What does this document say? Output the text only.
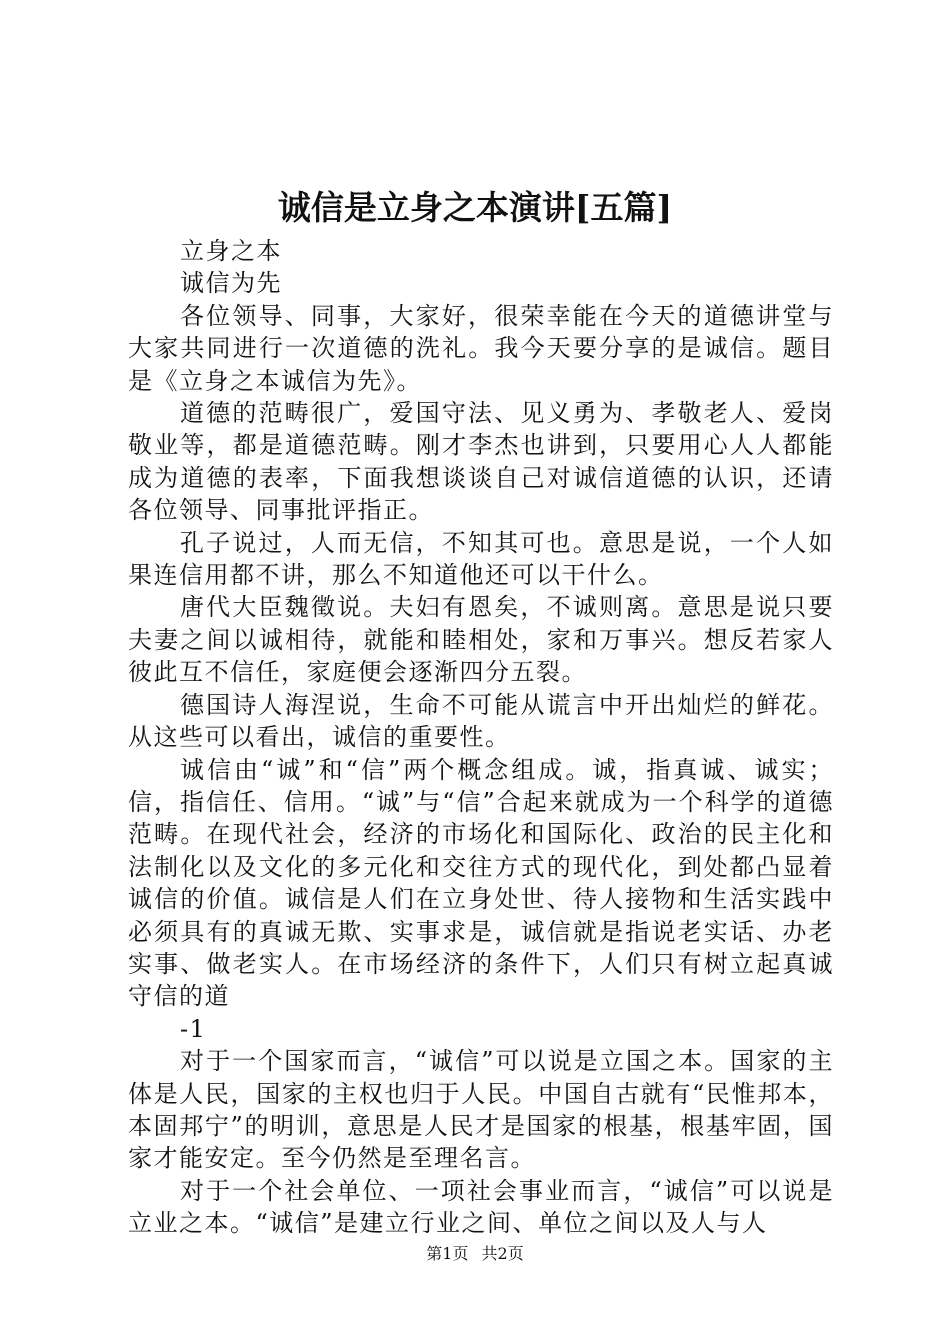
诚信是立身之本演讲[五篇]

立身之本

诚信为先

各位领导、同事，大家好，很荣幸能在今天的道德讲堂与大家共同进行一次道德的洗礼。我今天要分享的是诚信。题目是《立身之本诚信为先》。

道德的范畴很广，爱国守法、见义勇为、孝敬老人、爱岗敬业等，都是道德范畴。刚才李杰也讲到，只要用心人人都能成为道德的表率，下面我想谈谈自己对诚信道德的认识，还请各位领导、同事批评指正。

孔子说过，人而无信，不知其可也。意思是说，一个人如果连信用都不讲，那么不知道他还可以干什么。

唐代大臣魏徵说。夫妇有恩矣，不诚则离。意思是说只要夫妻之间以诚相待，就能和睦相处，家和万事兴。想反若家人彼此互不信任，家庭便会逐渐四分五裂。

德国诗人海涅说，生命不可能从谎言中开出灿烂的鲜花。从这些可以看出，诚信的重要性。

诚信由“诚”和“信”两个概念组成。诚，指真诚、诚实；信，指信任、信用。“诚”与“信”合起来就成为一个科学的道德范畴。在现代社会，经济的市场化和国际化、政治的民主化和法制化以及文化的多元化和交往方式的现代化，到处都凸显着诚信的价值。诚信是人们在立身处世、待人接物和生活实践中必须具有的真诚无欺、实事求是，诚信就是指说老实话、办老实事、做老实人。在市场经济的条件下，人们只有树立起真诚守信的道

-1

对于一个国家而言，“诚信”可以说是立国之本。国家的主体是人民，国家的主权也归于人民。中国自古就有“民惟邦本，本固邦宁”的明训，意思是人民才是国家的根基，根基牢固，国家才能安定。至今仍然是至理名言。

对于一个社会单位、一项社会事业而言，“诚信”可以说是立业之本。“诚信”是建立行业之间、单位之间以及人与人

第1页 共2页
